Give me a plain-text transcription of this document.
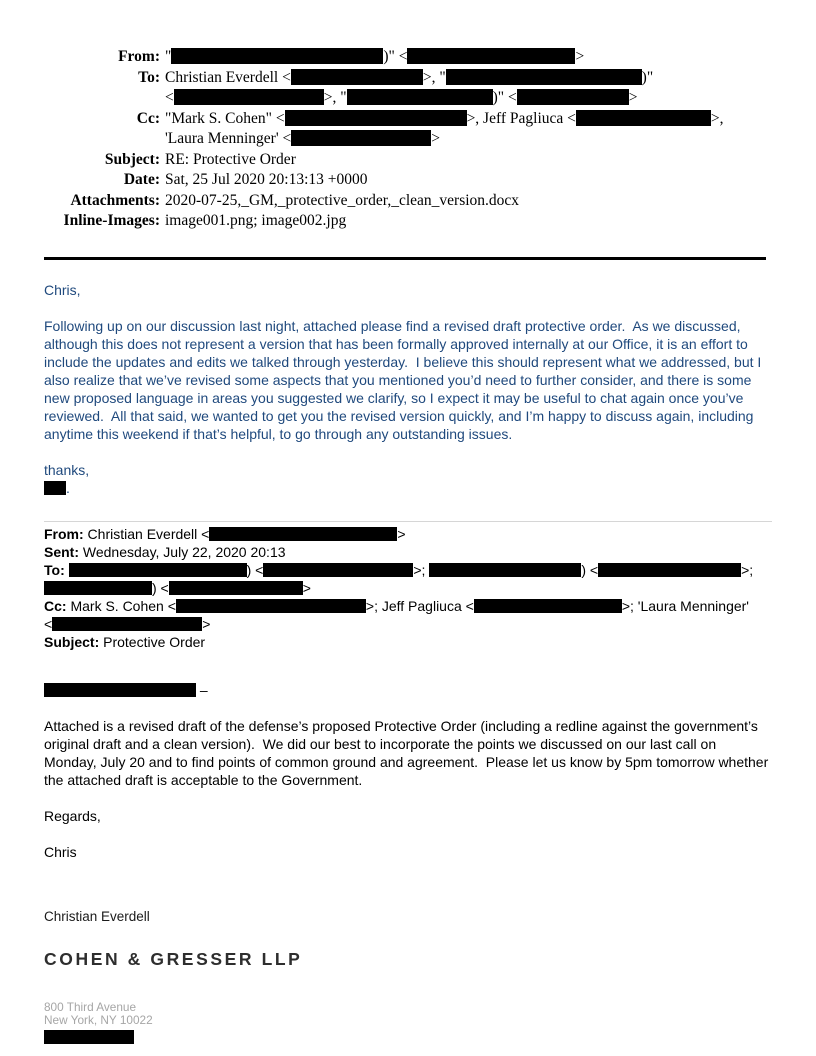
From: "	)" <	>
To: Christian Everdell <	>, "	)"
<	>, "	)" <	>
Cc: "Mark S. Cohen" <	>, Jeff Pagliuca <	>,
'Laura Menninger' <	>
Subject: RE: Protective Order
Date: Sat, 25 Jul 2020 20:13:13 +0000
Attachments: 2020-07-25,_GM,_protective_order,_clean_version.docx
Inline-Images: image001.png; image002.jpg
Chris,
Following up on our discussion last night, attached please find a revised draft protective order.  As we discussed, although this does not represent a version that has been formally approved internally at our Office, it is an effort to include the updates and edits we talked through yesterday.  I believe this should represent what we addressed, but I also realize that we’ve revised some aspects that you mentioned you’d need to further consider, and there is some new proposed language in areas you suggested we clarify, so I expect it may be useful to chat again once you’ve reviewed.  All that said, we wanted to get you the revised version quickly, and I’m happy to discuss again, including anytime this weekend if that’s helpful, to go through any outstanding issues.
thanks,
.
From: Christian Everdell <	>
Sent: Wednesday, July 22, 2020 20:13
To:	) <	>;	) <	>;
) <	>
Cc: Mark S. Cohen <	>; Jeff Pagliuca <	>; 'Laura Menninger'
<	>
Subject: Protective Order
–
Attached is a revised draft of the defense’s proposed Protective Order (including a redline against the government’s original draft and a clean version).  We did our best to incorporate the points we discussed on our last call on Monday, July 20 and to find points of common ground and agreement.  Please let us know by 5pm tomorrow whether the attached draft is acceptable to the Government.
Regards,
Chris
Christian Everdell
COHEN & GRESSER LLP
800 Third Avenue
New York, NY 10022
